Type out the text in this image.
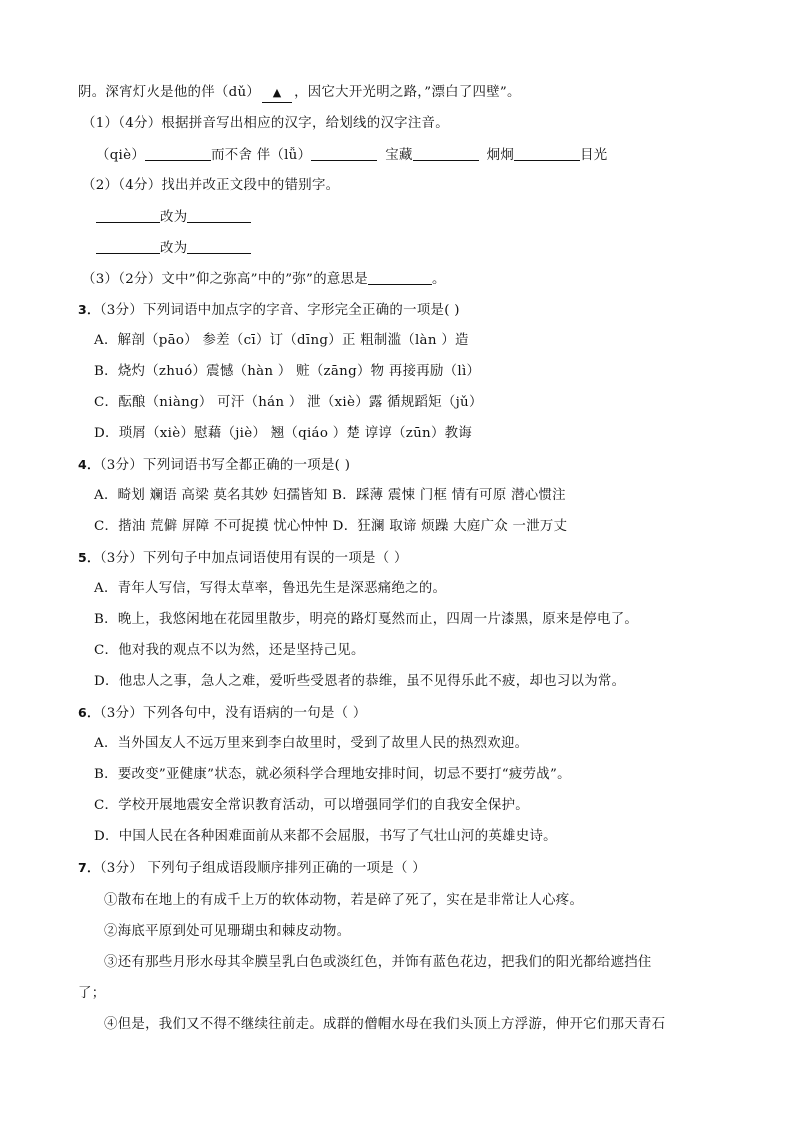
阴。深宵灯火是他的伴（dǔ） ▲ ，因它大开光明之路，”漂白了四壁”。
（1）（4分）根据拼音写出相应的汉字，给划线的汉字注音。
（qiè）	而不舍 伴（lǚ）	宝藏	炯炯	目光
（2）（4分）找出并改正文段中的错别字。
改为
改为
（3）（2分）文中”仰之弥高”中的”弥”的意思是	。
3．（3分）下列词语中加点字的字音、字形完全正确的一项是( )
A．解剖（pāo） 参差（cī）订（dīng）正 粗制滥（làn ）造
B．烧灼（zhuó）震憾（hàn ） 赃（zāng）物 再接再励（lì）
C．酝酿（niàng） 可汗（hán ） 泄（xiè）露 循规蹈矩（jǔ）
D．琐屑（xiè）慰藉（jiè） 翘（qiáo ）楚 谆谆（zūn）教诲
4．（3分）下列词语书写全都正确的一项是( )
A．畸划 斓语 高梁 莫名其妙 妇孺皆知 B．踩薄 震悚 门框 情有可原 潜心惯注
C．揩油 荒僻 屏障 不可捉摸 忧心忡忡 D．狂澜 取谛 烦躁 大庭广众 一泄万丈
5．（3分）下列句子中加点词语使用有误的一项是（ ）
A．青年人写信，写得太草率，鲁迅先生是深恶痛绝之的。
B．晚上，我悠闲地在花园里散步，明亮的路灯戛然而止，四周一片漆黑，原来是停电了。
C．他对我的观点不以为然，还是坚持己见。
D．他忠人之事，急人之难，爱听些受恩者的恭维，虽不见得乐此不疲，却也习以为常。
6．（3分）下列各句中，没有语病的一句是（ ）
A．当外国友人不远万里来到李白故里时，受到了故里人民的热烈欢迎。
B．要改变”亚健康”状态，就必须科学合理地安排时间，切忌不要打“疲劳战”。
C．学校开展地震安全常识教育活动，可以增强同学们的自我安全保护。
D．中国人民在各种困难面前从来都不会屈服，书写了气壮山河的英雄史诗。
7．（3分） 下列句子组成语段顺序排列正确的一项是（ ）
①散布在地上的有成千上万的软体动物，若是碎了死了，实在是非常让人心疼。
②海底平原到处可见珊瑚虫和棘皮动物。
③还有那些月形水母其伞膜呈乳白色或淡红色，并饰有蓝色花边，把我们的阳光都给遮挡住
了；
④但是，我们又不得不继续往前走。成群的僧帽水母在我们头顶上方浮游，伸开它们那天青石
